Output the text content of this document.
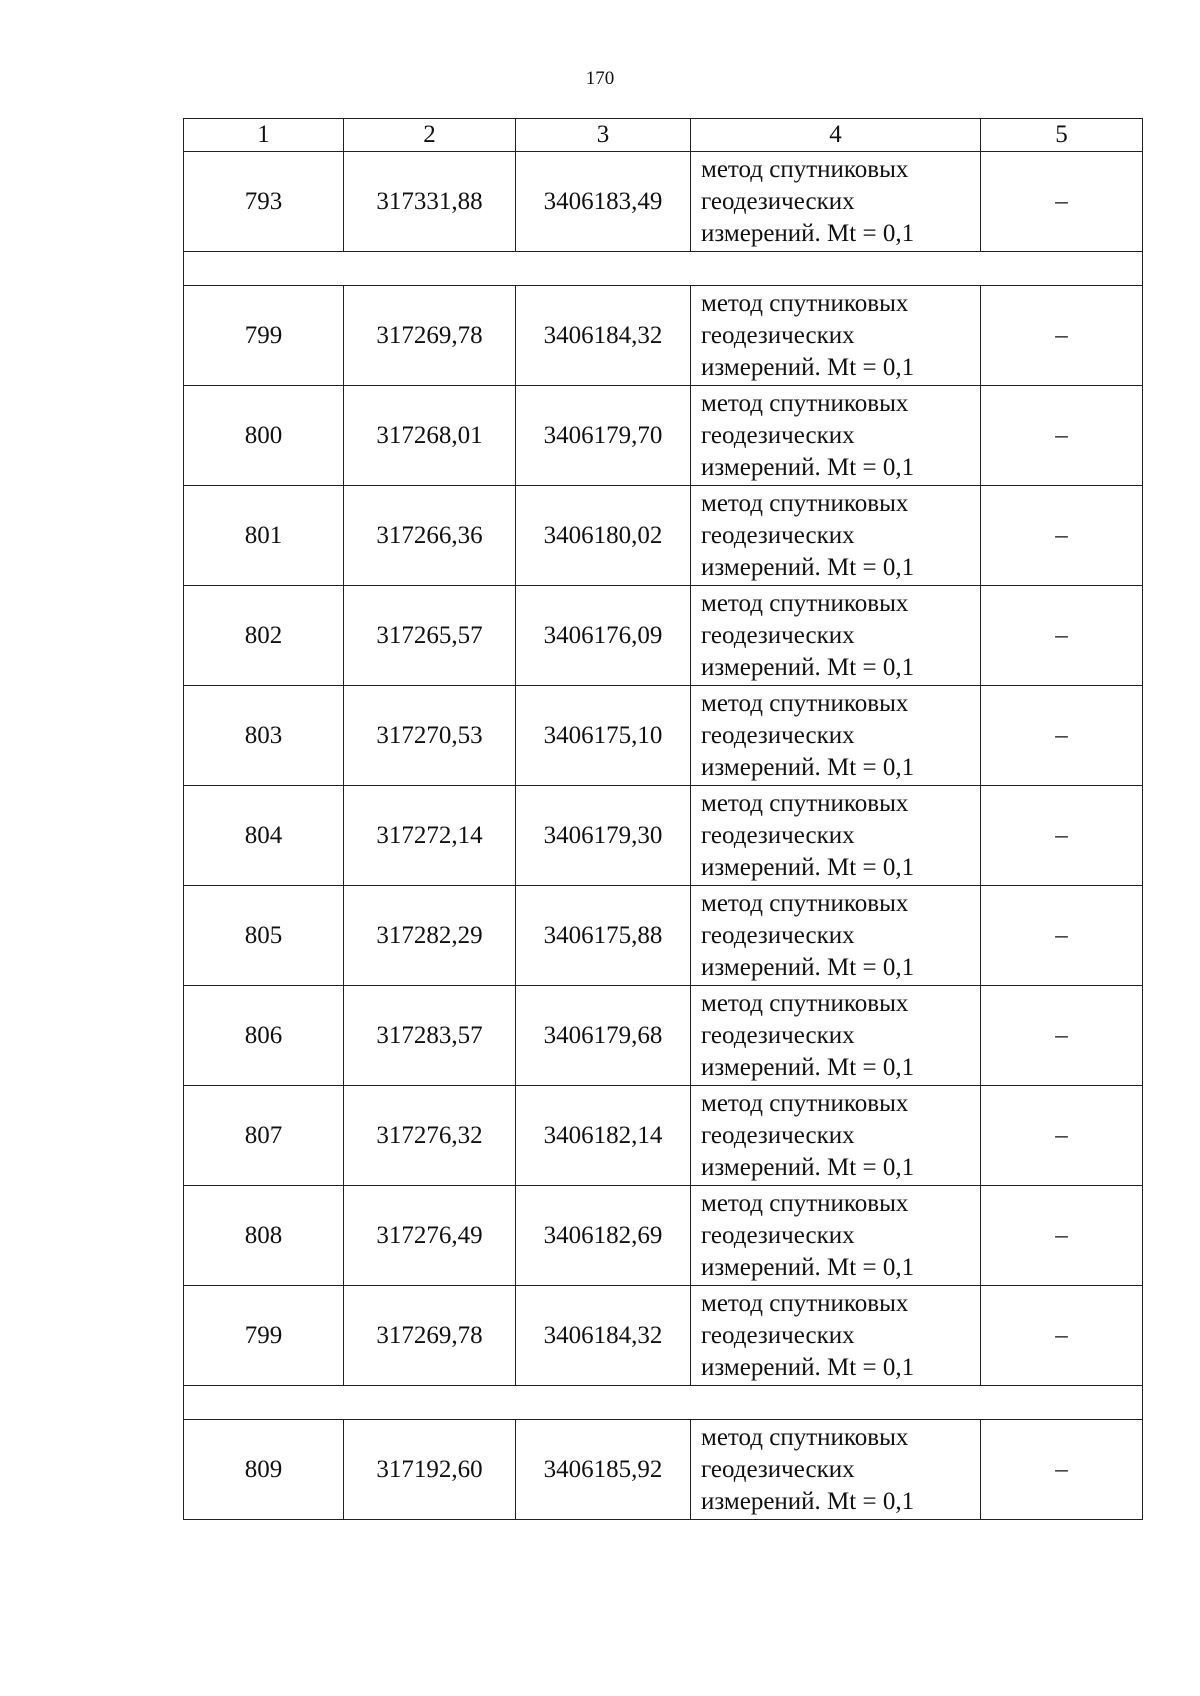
170
1	2	3	4	5
793	317331,88	3406183,49	метод спутниковых
геодезических
измерений. Mt = 0,1	–

799	317269,78	3406184,32	метод спутниковых
геодезических
измерений. Mt = 0,1	–
800	317268,01	3406179,70	метод спутниковых
геодезических
измерений. Mt = 0,1	–
801	317266,36	3406180,02	метод спутниковых
геодезических
измерений. Mt = 0,1	–
802	317265,57	3406176,09	метод спутниковых
геодезических
измерений. Mt = 0,1	–
803	317270,53	3406175,10	метод спутниковых
геодезических
измерений. Mt = 0,1	–
804	317272,14	3406179,30	метод спутниковых
геодезических
измерений. Mt = 0,1	–
805	317282,29	3406175,88	метод спутниковых
геодезических
измерений. Mt = 0,1	–
806	317283,57	3406179,68	метод спутниковых
геодезических
измерений. Mt = 0,1	–
807	317276,32	3406182,14	метод спутниковых
геодезических
измерений. Mt = 0,1	–
808	317276,49	3406182,69	метод спутниковых
геодезических
измерений. Mt = 0,1	–
799	317269,78	3406184,32	метод спутниковых
геодезических
измерений. Mt = 0,1	–

809	317192,60	3406185,92	метод спутниковых
геодезических
измерений. Mt = 0,1	–
